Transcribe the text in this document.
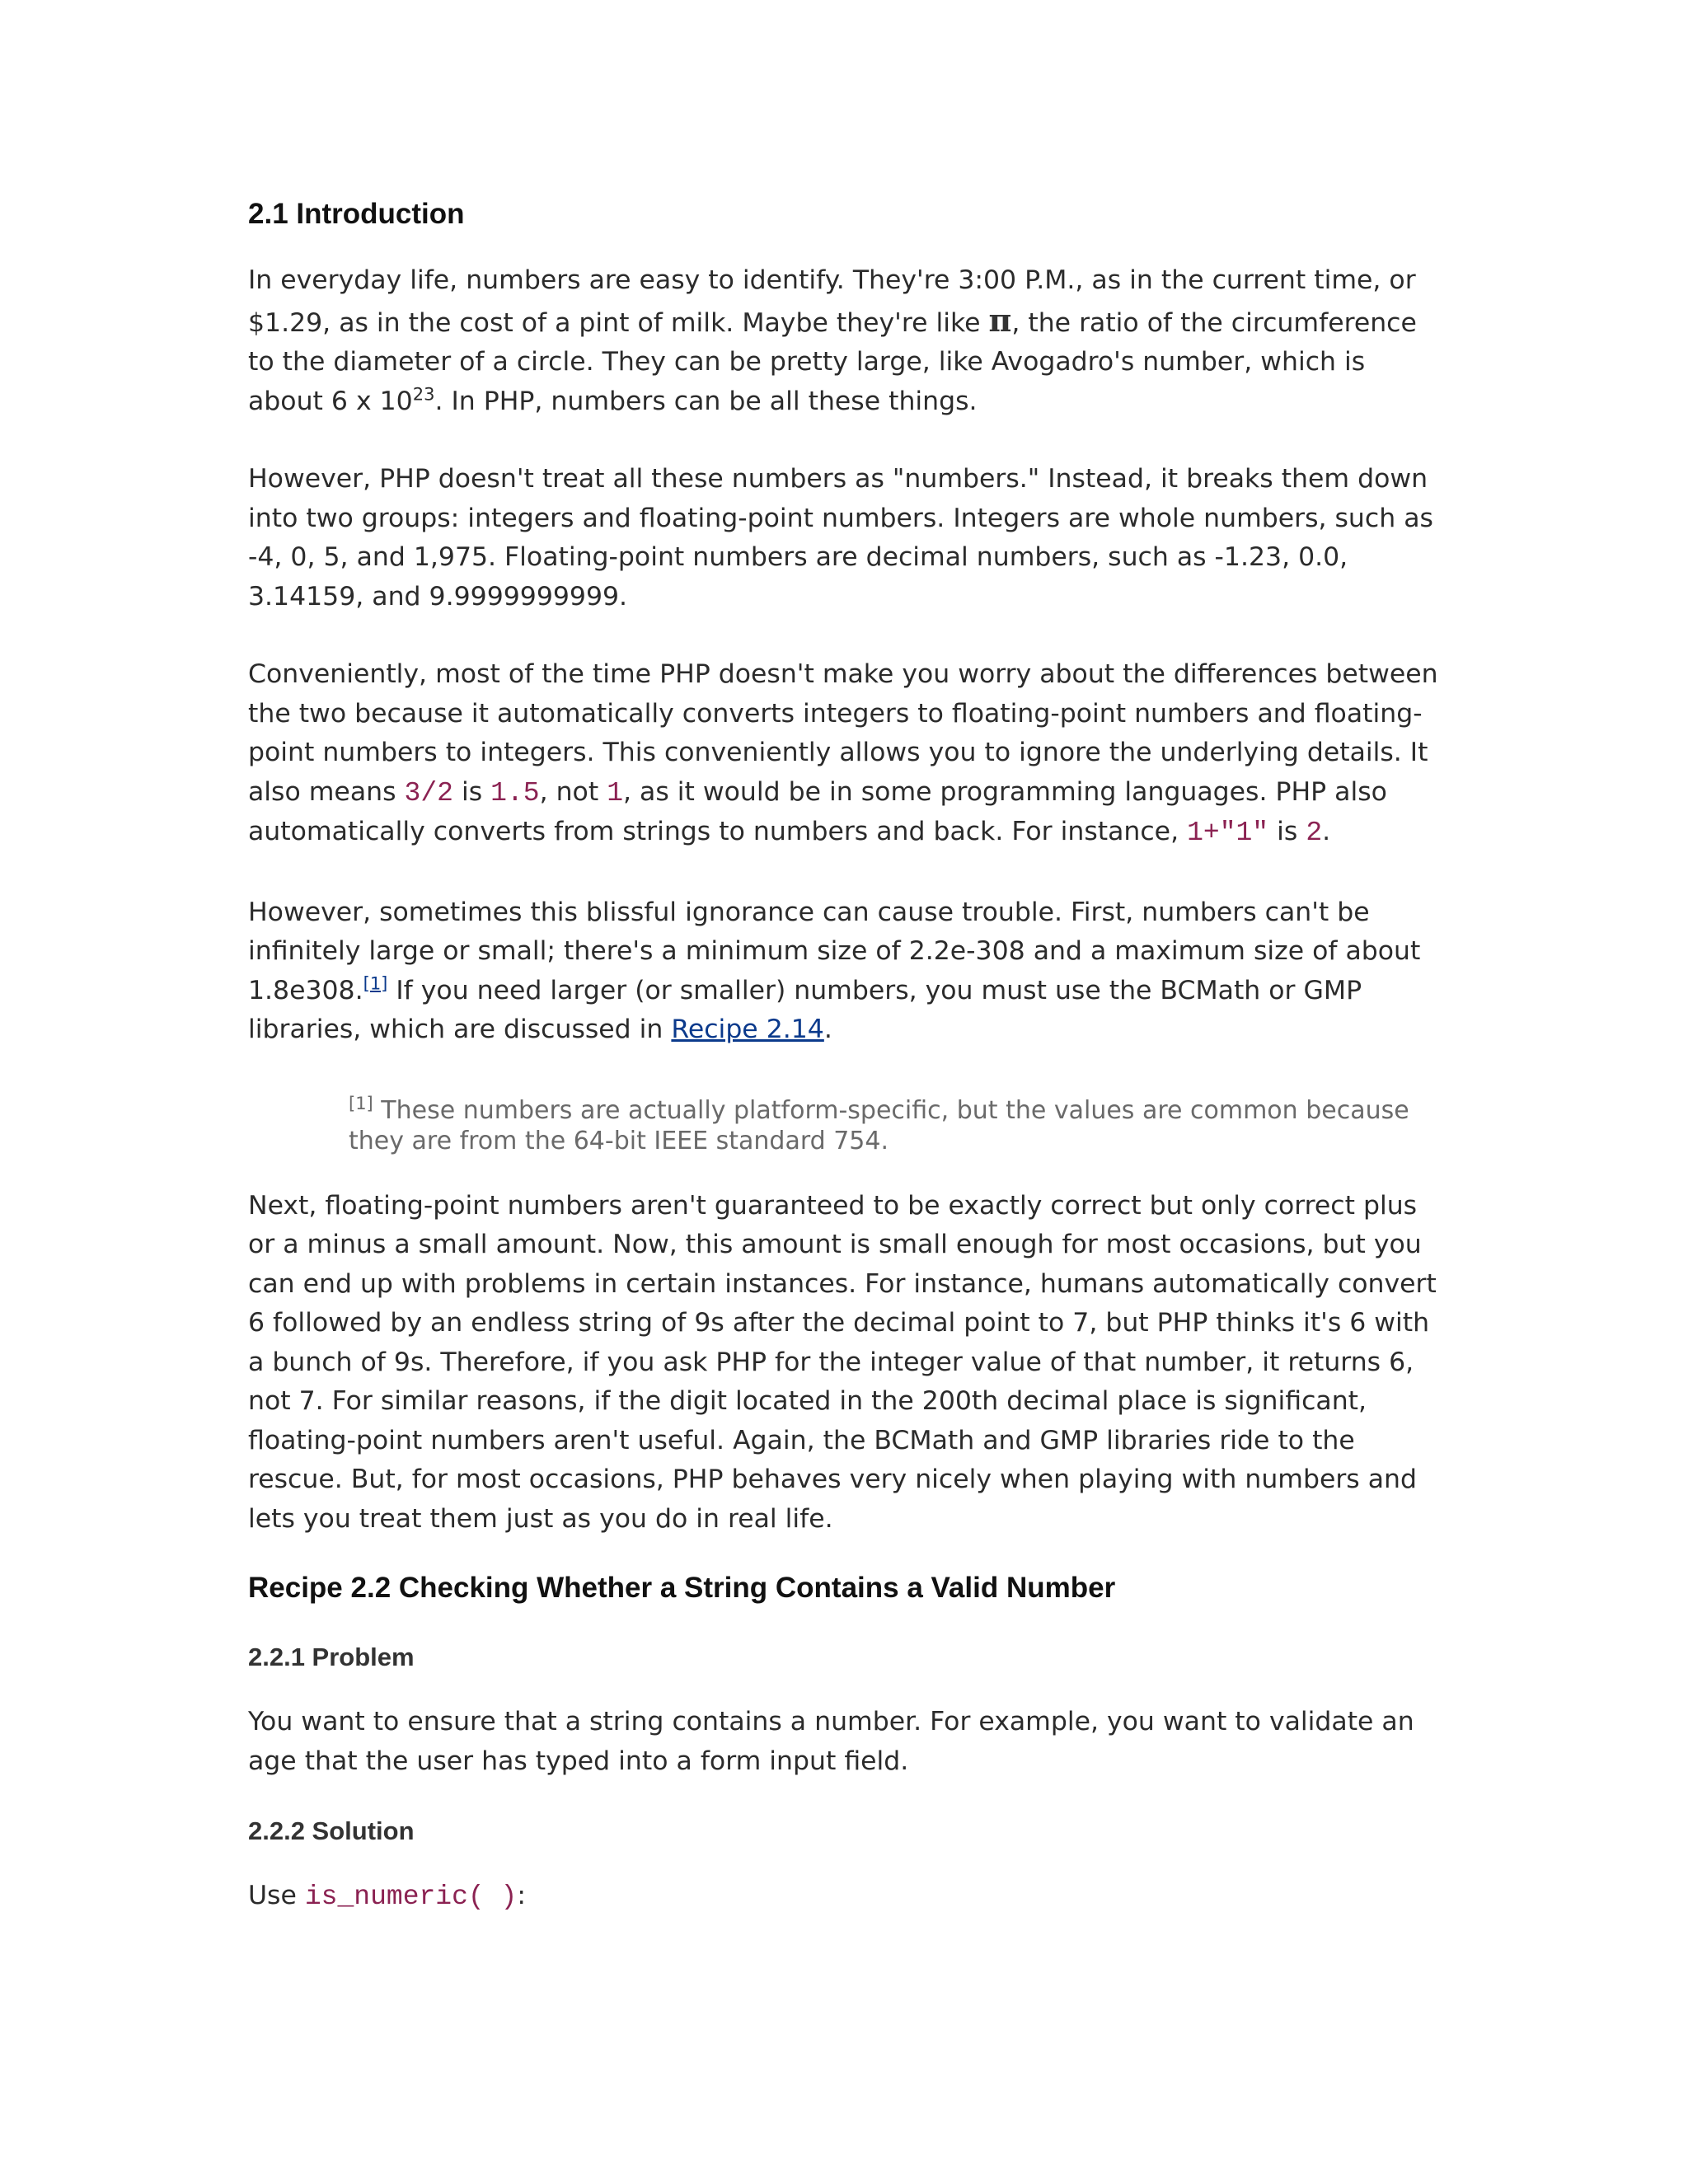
2.1 Introduction

In everyday life, numbers are easy to identify. They're 3:00 P.M., as in the current time, or $1.29, as in the cost of a pint of milk. Maybe they're like π, the ratio of the circumference to the diameter of a circle. They can be pretty large, like Avogadro's number, which is about 6 x $10^{23}$. In PHP, numbers can be all these things.

However, PHP doesn't treat all these numbers as "numbers." Instead, it breaks them down into two groups: integers and floating-point numbers. Integers are whole numbers, such as -4, 0, 5, and 1,975. Floating-point numbers are decimal numbers, such as -1.23, 0.0, 3.14159, and 9.9999999999.

Conveniently, most of the time PHP doesn't make you worry about the differences between the two because it automatically converts integers to floating-point numbers and floating-point numbers to integers. This conveniently allows you to ignore the underlying details. It also means 3/2 is 1.5, not 1, as it would be in some programming languages. PHP also automatically converts from strings to numbers and back. For instance, 1+"1" is 2.

However, sometimes this blissful ignorance can cause trouble. First, numbers can't be infinitely large or small; there's a minimum size of 2.2e-308 and a maximum size of about 1.8e308.[1] If you need larger (or smaller) numbers, you must use the BCMath or GMP libraries, which are discussed in Recipe 2.14.

[1] These numbers are actually platform-specific, but the values are common because they are from the 64-bit IEEE standard 754.

Next, floating-point numbers aren't guaranteed to be exactly correct but only correct plus or a minus a small amount. Now, this amount is small enough for most occasions, but you can end up with problems in certain instances. For instance, humans automatically convert 6 followed by an endless string of 9s after the decimal point to 7, but PHP thinks it's 6 with a bunch of 9s. Therefore, if you ask PHP for the integer value of that number, it returns 6, not 7. For similar reasons, if the digit located in the 200th decimal place is significant, floating-point numbers aren't useful. Again, the BCMath and GMP libraries ride to the rescue. But, for most occasions, PHP behaves very nicely when playing with numbers and lets you treat them just as you do in real life.

Recipe 2.2 Checking Whether a String Contains a Valid Number
2.2.1 Problem

You want to ensure that a string contains a number. For example, you want to validate an age that the user has typed into a form input field.

2.2.2 Solution

Use is_numeric( ):
